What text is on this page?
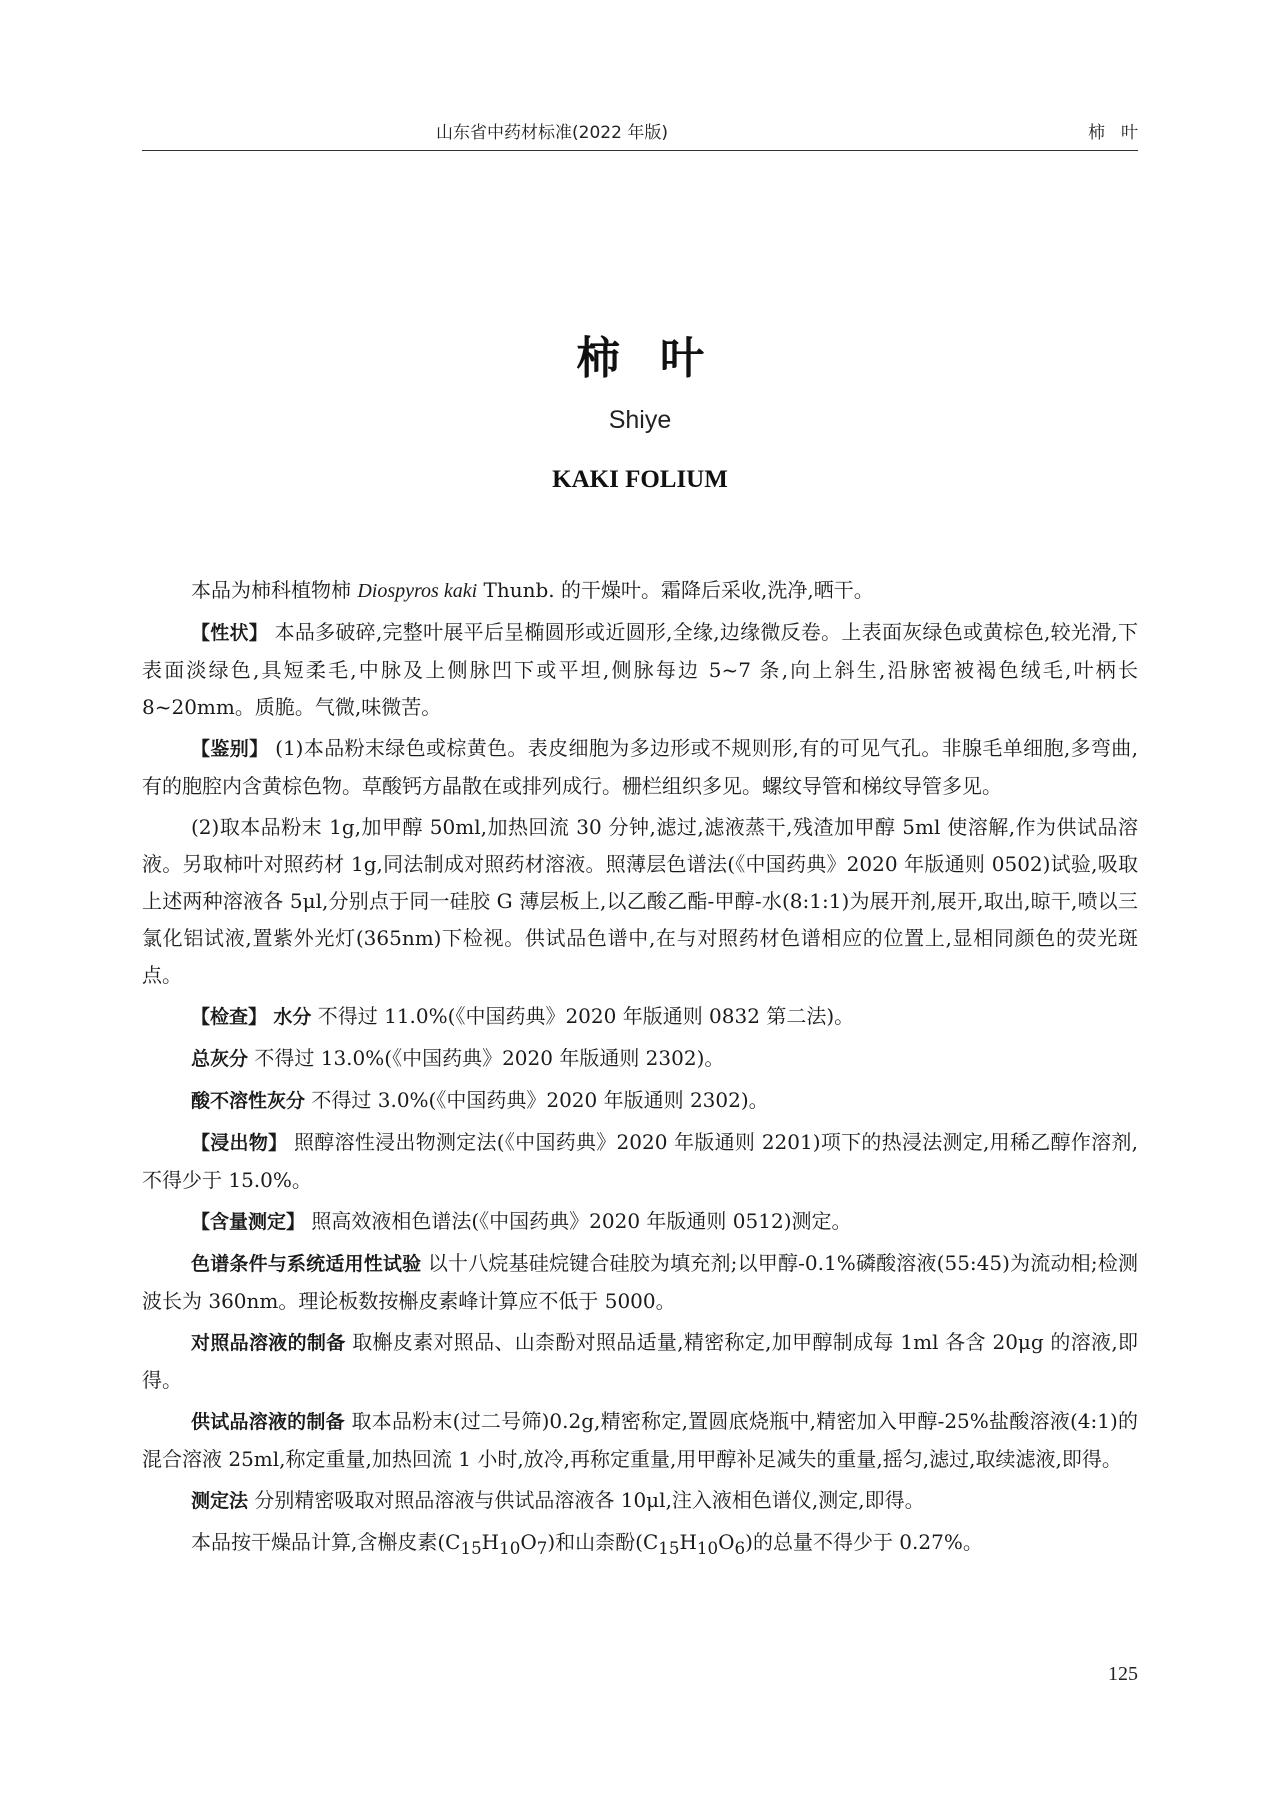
山东省中药材标准(2022 年版)	柿叶
柿叶
Shiye
KAKI FOLIUM

本品为柿科植物柿 Diospyros kaki Thunb. 的干燥叶。霜降后采收,洗净,晒干。

【性状】 本品多破碎,完整叶展平后呈椭圆形或近圆形,全缘,边缘微反卷。上表面灰绿色或黄棕色,较光滑,下表面淡绿色,具短柔毛,中脉及上侧脉凹下或平坦,侧脉每边 5~7 条,向上斜生,沿脉密被褐色绒毛,叶柄长 8~20mm。质脆。气微,味微苦。

【鉴别】 (1)本品粉末绿色或棕黄色。表皮细胞为多边形或不规则形,有的可见气孔。非腺毛单细胞,多弯曲,有的胞腔内含黄棕色物。草酸钙方晶散在或排列成行。栅栏组织多见。螺纹导管和梯纹导管多见。

(2)取本品粉末 1g,加甲醇 50ml,加热回流 30 分钟,滤过,滤液蒸干,残渣加甲醇 5ml 使溶解,作为供试品溶液。另取柿叶对照药材 1g,同法制成对照药材溶液。照薄层色谱法(《中国药典》2020 年版通则 0502)试验,吸取上述两种溶液各 5μl,分别点于同一硅胶 G 薄层板上,以乙酸乙酯-甲醇-水(8:1:1)为展开剂,展开,取出,晾干,喷以三氯化铝试液,置紫外光灯(365nm)下检视。供试品色谱中,在与对照药材色谱相应的位置上,显相同颜色的荧光斑点。

【检查】 水分 不得过 11.0%(《中国药典》2020 年版通则 0832 第二法)。

总灰分 不得过 13.0%(《中国药典》2020 年版通则 2302)。

酸不溶性灰分 不得过 3.0%(《中国药典》2020 年版通则 2302)。

【浸出物】 照醇溶性浸出物测定法(《中国药典》2020 年版通则 2201)项下的热浸法测定,用稀乙醇作溶剂,不得少于 15.0%。

【含量测定】 照高效液相色谱法(《中国药典》2020 年版通则 0512)测定。

色谱条件与系统适用性试验 以十八烷基硅烷键合硅胶为填充剂;以甲醇-0.1%磷酸溶液(55:45)为流动相;检测波长为 360nm。理论板数按槲皮素峰计算应不低于 5000。

对照品溶液的制备 取槲皮素对照品、山柰酚对照品适量,精密称定,加甲醇制成每 1ml 各含 20μg 的溶液,即得。

供试品溶液的制备 取本品粉末(过二号筛)0.2g,精密称定,置圆底烧瓶中,精密加入甲醇-25%盐酸溶液(4:1)的混合溶液 25ml,称定重量,加热回流 1 小时,放冷,再称定重量,用甲醇补足减失的重量,摇匀,滤过,取续滤液,即得。

测定法 分别精密吸取对照品溶液与供试品溶液各 10μl,注入液相色谱仪,测定,即得。

本品按干燥品计算,含槲皮素$(C_{15}H_{10}O_7)$和山柰酚$(C_{15}H_{10}O_6)$的总量不得少于 0.27%。

125
